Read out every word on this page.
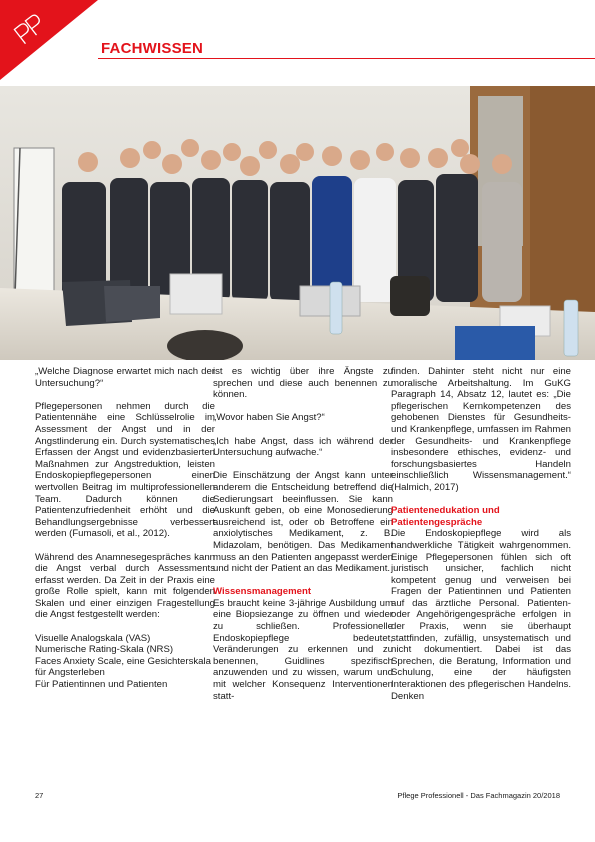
FACHWISSEN

„Welche Diagnose erwartet mich nach der Untersuchung?“

Pflegepersonen nehmen durch die Patientennähe eine Schlüsselrolie im Assessment der Angst und in der Angstlinderung ein. Durch systematisches Erfassen der Angst und evidenzbasierten Maßnahmen zur Angstreduktion, leisten Endoskopiepflegepersonen einen wertvollen Beitrag im multiprofessionellen Team. Dadurch können die Patientenzufriedenheit erhöht und die Behandlungsergebnisse verbessert werden (Fumasoli, et al., 2012).

Während des Anamnesegespräches kann die Angst verbal durch Assessments erfasst werden. Da Zeit in der Praxis eine große Rolle spielt, kann mit folgenden Skalen und einer einzigen Fragestellung die Angst festgestellt werden:

Visuelle Analogskala (VAS)
Numerische Rating-Skala (NRS)
Faces Anxiety Scale, eine Gesichterskala für Angsterleben
Für Patientinnen und Patienten

ist es wichtig über ihre Ängste zu sprechen und diese auch benennen zu können.

„Wovor haben Sie Angst?“

„Ich habe Angst, dass ich während der Untersuchung aufwache.“

Die Einschätzung der Angst kann unter anderem die Entscheidung betreffend die Sedierungsart beeinflussen. Sie kann Auskunft geben, ob eine Monosedierung ausreichend ist, oder ob Betroffene ein anxiolytisches Medikament, z. B. Midazolam, benötigen. Das Medikament muss an den Patienten angepasst werden und nicht der Patient an das Medikament.

Wissensmanagement

Es braucht keine 3-jährige Ausbildung um eine Biopsiezange zu öffnen und wieder zu schließen. Professionelle Endoskopiepflege bedeutet, Veränderungen zu erkennen und zu benennen, Guidlines spezifisch anzuwenden und zu wissen, warum und mit welcher Konsequenz Interventionen statt-

finden. Dahinter steht nicht nur eine moralische Arbeitshaltung. Im GuKG Paragraph 14, Absatz 12, lautet es: „Die pflegerischen Kernkompetenzen des gehobenen Dienstes für Gesundheits- und Krankenpflege, umfassen im Rahmen der Gesundheits- und Krankenpflege insbesondere ethisches, evidenz- und forschungsbasiertes Handeln einschließlich Wissensmanagement.“ (Halmich, 2017)

Patientenedukation und Patientengespräche

Die Endoskopiepflege wird als handwerkliche Tätigkeit wahrgenommen. Einige Pflegepersonen fühlen sich oft juristisch unsicher, fachlich nicht kompetent genug und verweisen bei Fragen der Patientinnen und Patienten auf das ärztliche Personal. Patienten- oder Angehörigengespräche erfolgen in der Praxis, wenn sie überhaupt stattfinden, zufällig, unsystematisch und nicht dokumentiert. Dabei ist das Sprechen, die Beratung, Information und Schulung, eine der häufigsten Interaktionen des pflegerischen Handelns. Denken

27	Pflege Professionell - Das Fachmagazin 20/2018
